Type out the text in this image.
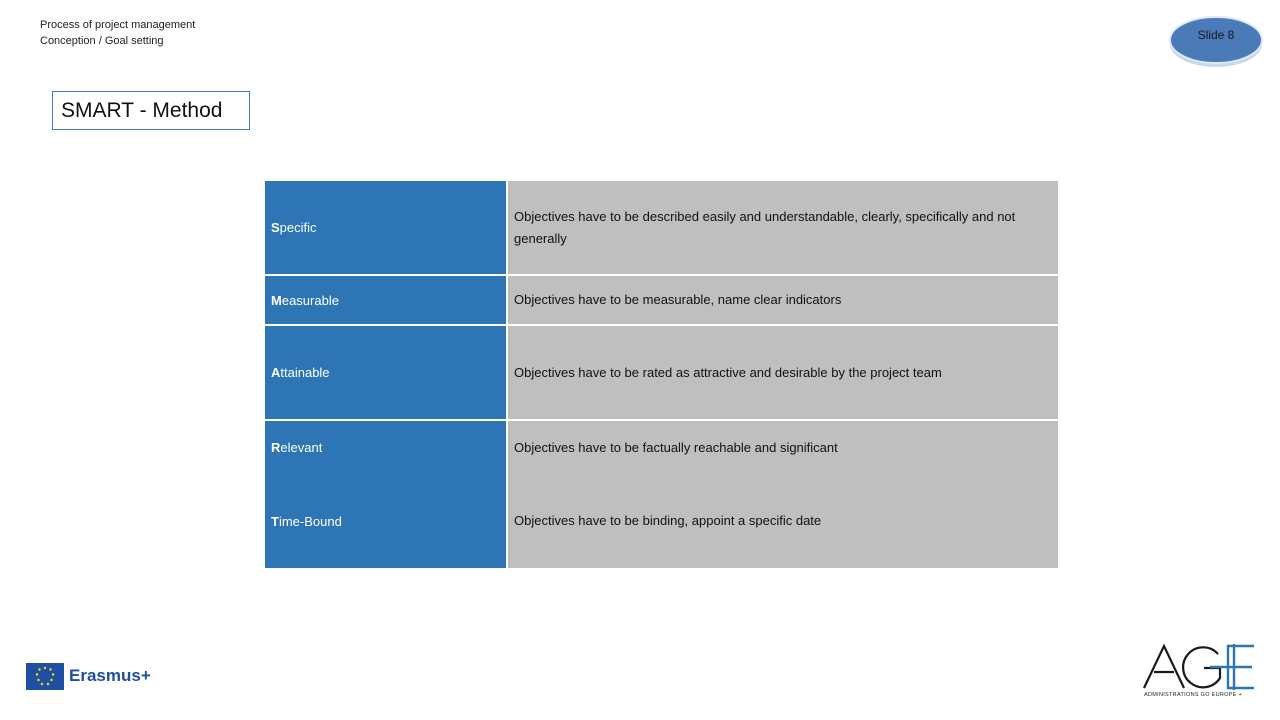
Process of project management
Conception / Goal setting	Slide 8
SMART - Method
Specific	Objectives have to be described easily and understandable, clearly, specifically and not generally
Measurable	Objectives have to be measurable, name clear indicators
Attainable	Objectives have to be rated as attractive and desirable by the project team
Relevant	Objectives have to be factually reachable and significant
Time-Bound	Objectives have to be binding, appoint a specific date
Erasmus+
ADMINISTRATIONS GO EUROPE +
